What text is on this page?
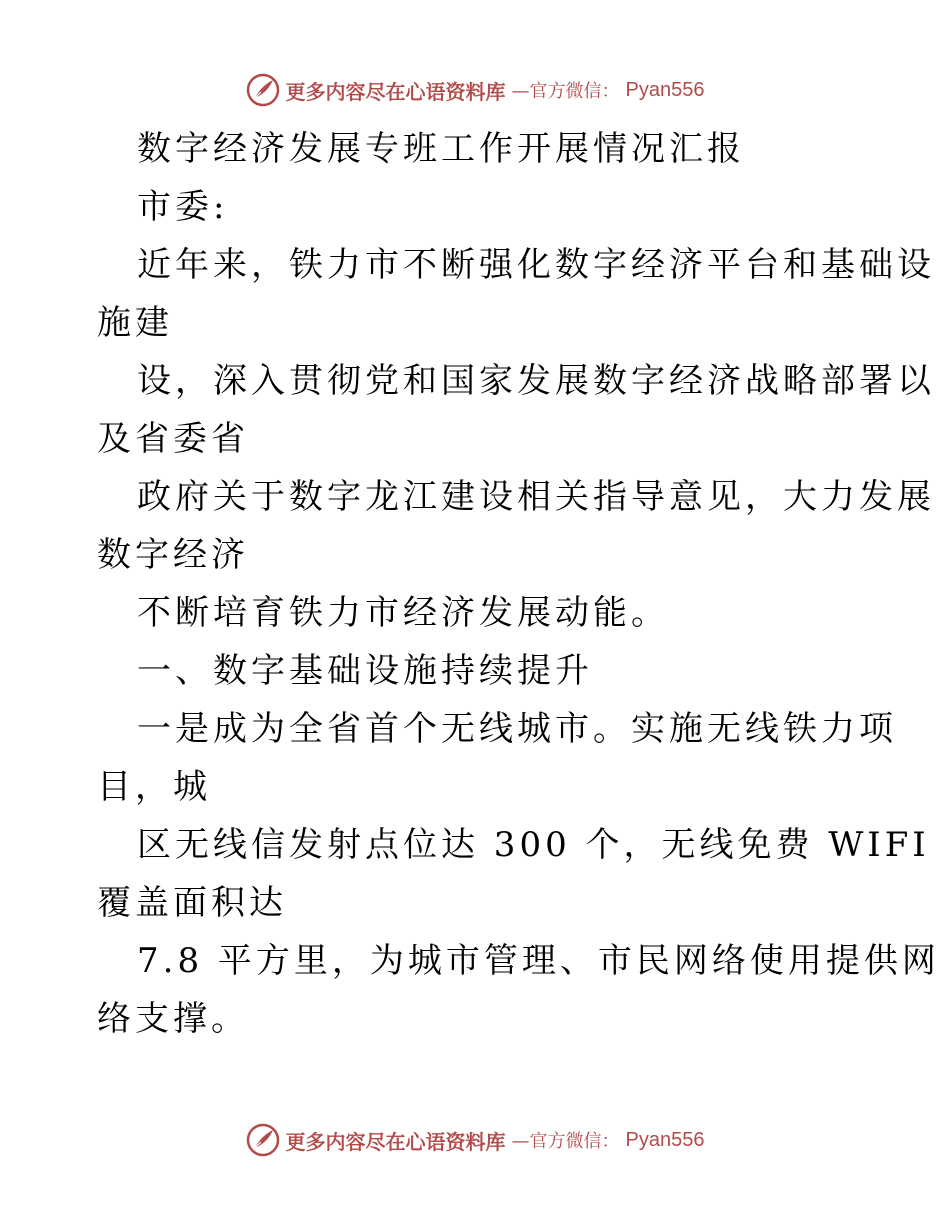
更多内容尽在心语资料库 —官方微信： Pyan556
数字经济发展专班工作开展情况汇报
市委:
近年来，铁力市不断强化数字经济平台和基础设
施建
设，深入贯彻党和国家发展数字经济战略部署以
及省委省
政府关于数字龙江建设相关指导意见，大力发展
数字经济
不断培育铁力市经济发展动能。
一、数字基础设施持续提升
一是成为全省首个无线城市。实施无线铁力项
目，城
区无线信发射点位达 300 个，无线免费 WIFI
覆盖面积达
7.8 平方里，为城市管理、市民网络使用提供网
络支撑。
更多内容尽在心语资料库 —官方微信： Pyan556
